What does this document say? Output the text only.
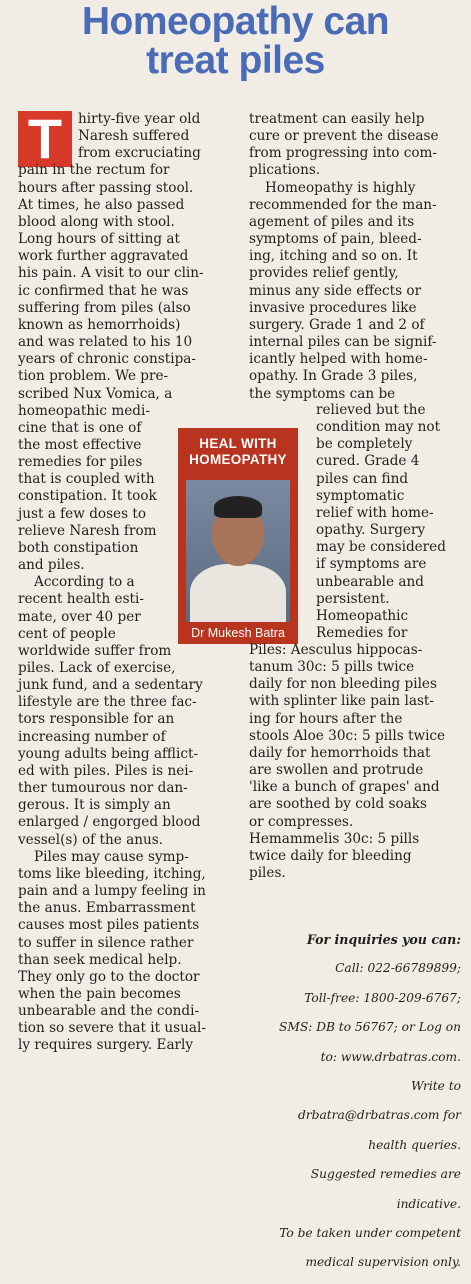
Homeopathy can
treat piles
T
HEAL WITH
HOMEOPATHY
Dr Mukesh Batra

hirty-five year old

Naresh suffered

from excruciating

pain in the rectum for

hours after passing stool.

At times, he also passed

blood along with stool.

Long hours of sitting at

work further aggravated

his pain. A visit to our clin-

ic confirmed that he was

suffering from piles (also

known as hemorrhoids)

and was related to his 10

years of chronic constipa-

tion problem. We pre-

scribed Nux Vomica, a

homeopathic medi-

cine that is one of

the most effective

remedies for piles

that is coupled with

constipation. It took

just a few doses to

relieve Naresh from

both constipation

and piles.

According to a

recent health esti-

mate, over 40 per

cent of people

worldwide suffer from

piles. Lack of exercise,

junk fund, and a sedentary

lifestyle are the three fac-

tors responsible for an

increasing number of

young adults being afflict-

ed with piles. Piles is nei-

ther tumourous nor dan-

gerous. It is simply an

enlarged / engorged blood

vessel(s) of the anus.

Piles may cause symp-

toms like bleeding, itching,

pain and a lumpy feeling in

the anus. Embarrassment

causes most piles patients

to suffer in silence rather

than seek medical help.

They only go to the doctor

when the pain becomes

unbearable and the condi-

tion so severe that it usual-

ly requires surgery. Early

treatment can easily help

cure or prevent the disease

from progressing into com-

plications.

Homeopathy is highly

recommended for the man-

agement of piles and its

symptoms of pain, bleed-

ing, itching and so on. It

provides relief gently,

minus any side effects or

invasive procedures like

surgery. Grade 1 and 2 of

internal piles can be signif-

icantly helped with home-

opathy. In Grade 3 piles,

the symptoms can be

relieved but the

condition may not

be completely

cured. Grade 4

piles can find

symptomatic

relief with home-

opathy. Surgery

may be considered

if symptoms are

unbearable and

persistent.

Homeopathic

Remedies for

Piles: Aesculus hippocas-

tanum 30c: 5 pills twice

daily for non bleeding piles

with splinter like pain last-

ing for hours after the

stools Aloe 30c: 5 pills twice

daily for hemorrhoids that

are swollen and protrude

'like a bunch of grapes' and

are soothed by cold soaks

or compresses.

Hemammelis 30c: 5 pills

twice daily for bleeding

piles.

For inquiries you can:

Call: 022-66789899;

Toll-free: 1800-209-6767;

SMS: DB to 56767; or Log on

to: www.drbatras.com.

Write to

drbatra@drbatras.com for

health queries.

Suggested remedies are

indicative.

To be taken under competent

medical supervision only.
